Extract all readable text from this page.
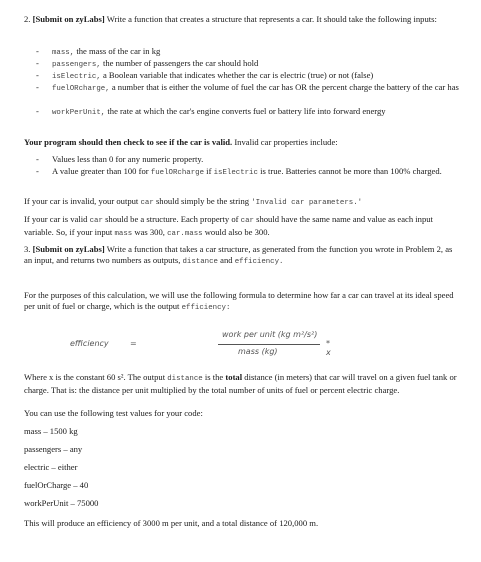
2. [Submit on zyLabs] Write a function that creates a structure that represents a car. It should take the following inputs:

-	mass, the mass of the car in kg
-	passengers, the number of passengers the car should hold
-	isElectric, a Boolean variable that indicates whether the car is electric (true) or not (false)
-	fuelORcharge, a number that is either the volume of fuel the car has OR the percent charge the battery of the car has
-	workPerUnit, the rate at which the car's engine converts fuel or battery life into forward energy

Your program should then check to see if the car is valid. Invalid car properties include:

-	Values less than 0 for any numeric property.
-	A value greater than 100 for fuelORcharge if isElectric is true. Batteries cannot be more than 100% charged.

If your car is invalid, your output car should simply be the string 'Invalid car parameters.'

If your car is valid car should be a structure. Each property of car should have the same name and value as each input variable. So, if your input mass was 300, car.mass would also be 300.

3. [Submit on zyLabs] Write a function that takes a car structure, as generated from the function you wrote in Problem 2, as an input, and returns two numbers as outputs, distance and efficiency.

For the purposes of this calculation, we will use the following formula to determine how far a car can travel at its ideal speed per unit of fuel or charge, which is the output efficiency:

efficiency	=
work per unit (kg m²/s²)
mass (kg)
* x

Where x is the constant 60 s². The output distance is the total distance (in meters) that car will travel on a given fuel tank or charge. That is: the distance per unit multiplied by the total number of units of fuel or percent electric charge.

You can use the following test values for your code:

mass – 1500 kg

passengers – any

electric – either

fuelOrCharge – 40

workPerUnit – 75000

This will produce an efficiency of 3000 m per unit, and a total distance of 120,000 m.
